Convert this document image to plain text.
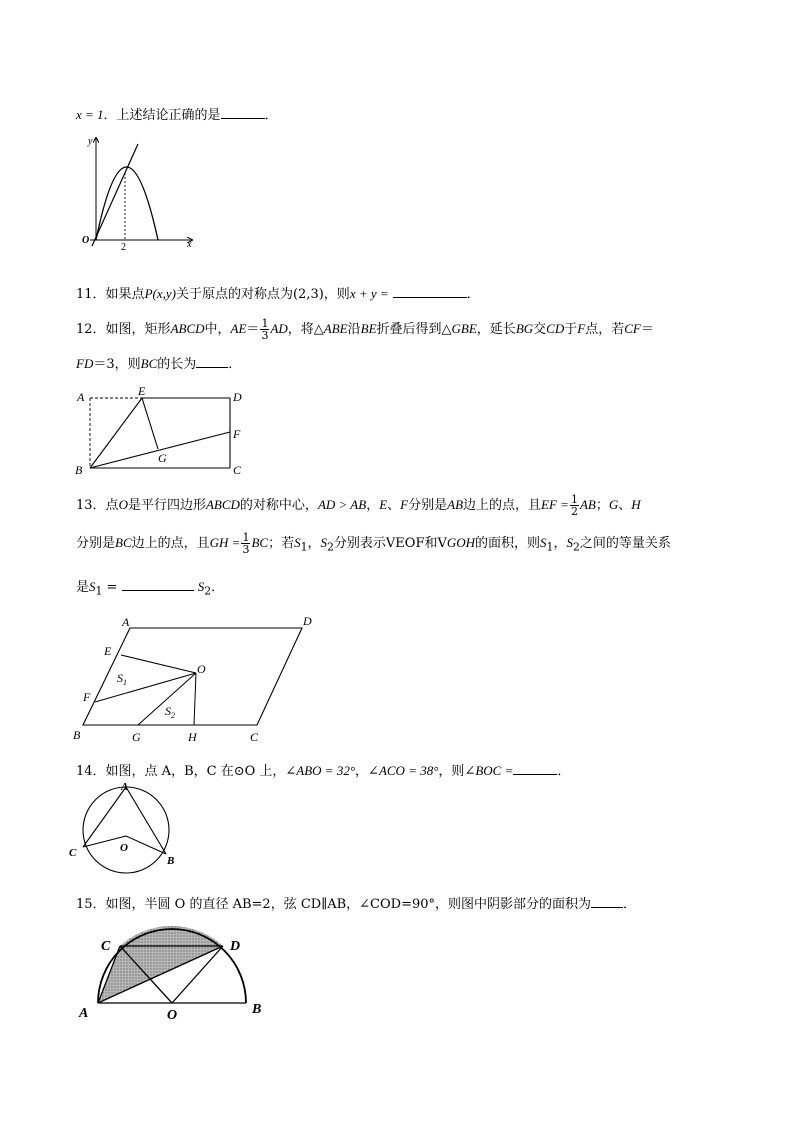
x = 1．上述结论正确的是	．
y
O
2	x
11．如果点P(x,y)关于原点的对称点为(2,3)，则x + y =	．
12．如图，矩形ABCD中，$AE= \frac{1}{3}$ AD，将△ABE沿BE折叠后得到△GBE，延长BG交CD于F点，若CF＝
FD＝3，则BC的长为 ．
A	E	D
F
G
B	C
13．点O是平行四边形ABCD的对称中心，AD > AB，E、F分别是AB边上的点，且EF = $\frac{1}{2}$ AB；G、H
分别是BC边上的点，且GH = $\frac{1}{3}$ BC；若$S_1$，$S_2$分别表示VEOF和VGOH的面积，则$S_1$，$S_2$之间的等量关系
是$S_1$ =	$S_2$．
A	D
E
O
$S_1$
F
$S_2$
B	G	H	C
14．如图，点 A，B，C 在⊙O 上，∠ABO = 32°，∠ACO = 38°，则∠BOC =	．
A
C	O
B
15．如图，半圆 O 的直径 AB=2，弦 CD∥AB，∠COD=90°，则图中阴影部分的面积为 ．
C	D
A	O	B
